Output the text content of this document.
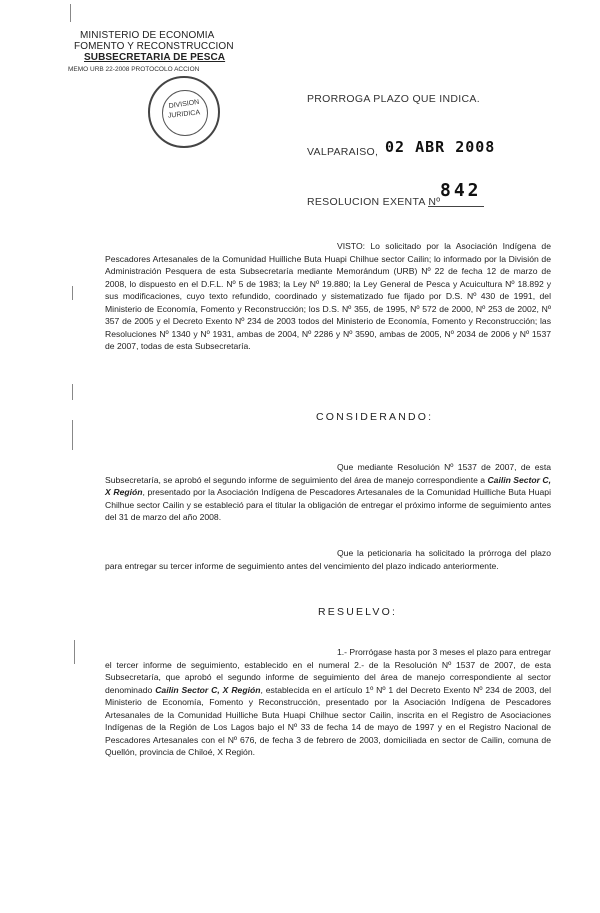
MINISTERIO DE ECONOMIA
FOMENTO Y RECONSTRUCCION
SUBSECRETARIA DE PESCA
MEMO URB 22-2008 PROTOCOLO ACCION
DIVISION
JURIDICA
PRORROGA PLAZO QUE INDICA.
VALPARAISO, 02 ABR 2008
RESOLUCION EXENTA Nº
842
VISTO: Lo solicitado por la Asociación Indígena de Pescadores Artesanales de la Comunidad Huilliche Buta Huapi Chilhue sector Cailin; lo informado por la División de Administración Pesquera de esta Subsecretaría mediante Memorándum (URB) Nº 22 de fecha 12 de marzo de 2008, lo dispuesto en el D.F.L. Nº 5 de 1983; la Ley Nº 19.880; la Ley General de Pesca y Acuicultura Nº 18.892 y sus modificaciones, cuyo texto refundido, coordinado y sistematizado fue fijado por D.S. Nº 430 de 1991, del Ministerio de Economía, Fomento y Reconstrucción; los D.S. Nº 355, de 1995, Nº 572 de 2000, Nº 253 de 2002, Nº 357 de 2005 y el Decreto Exento Nº 234 de 2003 todos del Ministerio de Economía, Fomento y Reconstrucción; las Resoluciones Nº 1340 y Nº 1931, ambas de 2004, Nº 2286 y Nº 3590, ambas de 2005, Nº 2034 de 2006 y Nº 1537 de 2007, todas de esta Subsecretaría.
CONSIDERANDO:
Que mediante Resolución Nº 1537 de 2007, de esta Subsecretaría, se aprobó el segundo informe de seguimiento del área de manejo correspondiente a Cailin Sector C, X Región, presentado por la Asociación Indígena de Pescadores Artesanales de la Comunidad Huilliche Buta Huapi Chilhue sector Cailin y se estableció para el titular la obligación de entregar el próximo informe de seguimiento antes del 31 de marzo del año 2008.
Que la peticionaria ha solicitado la prórroga del plazo para entregar su tercer informe de seguimiento antes del vencimiento del plazo indicado anteriormente.
RESUELVO:
1.- Prorrógase hasta por 3 meses el plazo para entregar el tercer informe de seguimiento, establecido en el numeral 2.- de la Resolución Nº 1537 de 2007, de esta Subsecretaría, que aprobó el segundo informe de seguimiento del área de manejo correspondiente al sector denominado Cailin Sector C, X Región, establecida en el artículo 1º Nº 1 del Decreto Exento Nº 234 de 2003, del Ministerio de Economía, Fomento y Reconstrucción, presentado por la Asociación Indígena de Pescadores Artesanales de la Comunidad Huilliche Buta Huapi Chilhue sector Cailin, inscrita en el Registro de Asociaciones Indígenas de la Región de Los Lagos bajo el Nº 33 de fecha 14 de mayo de 1997 y en el Registro Nacional de Pescadores Artesanales con el Nº 676, de fecha 3 de febrero de 2003, domiciliada en sector de Cailin, comuna de Quellón, provincia de Chiloé, X Región.
